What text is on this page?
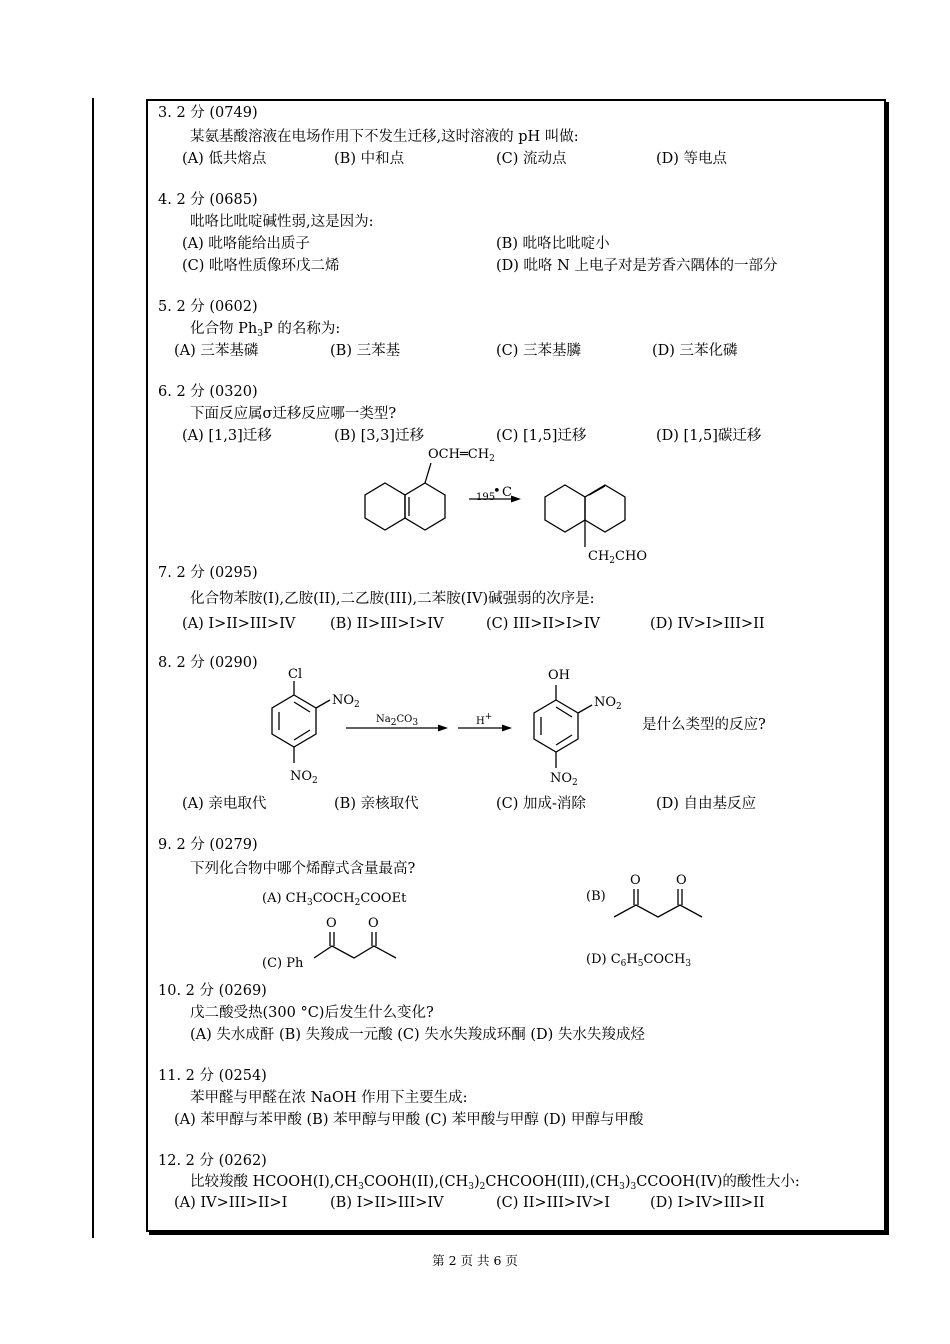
3. 2 分 (0749)
某氨基酸溶液在电场作用下不发生迁移,这时溶液的 pH 叫做:
(A) 低共熔点	(B) 中和点	(C) 流动点	(D) 等电点
4. 2 分 (0685)
吡咯比吡啶碱性弱,这是因为:
(A) 吡咯能给出质子	(B) 吡咯比吡啶小
(C) 吡咯性质像环戊二烯	(D) 吡咯 N 上电子对是芳香六隅体的一部分
5. 2 分 (0602)
化合物 $Ph_3P$ 的名称为:
(A) 三苯基磷	(B) 三苯基	(C) 三苯基膦	(D) 三苯化磷
6. 2 分 (0320)
下面反应属σ迁移反应哪一类型?
(A) [1,3]迁移	(B) [3,3]迁移	(C) [1,5]迁移	(D) [1,5]碳迁移
$OCH═CH_2$
195
• C
$CH_2CHO$
7. 2 分 (0295)
化合物苯胺(I),乙胺(II),二乙胺(III),二苯胺(IV)碱强弱的次序是:
(A) I>II>III>IV (B) II>III>I>IV	(C) III>II>I>IV	(D) IV>I>III>II
8. 2 分 (0290)
Cl
$NO_2$
$NO_2$
$Na_2CO_3$	H+
OH
$NO_2$
$NO_2$
是什么类型的反应?
(A) 亲电取代	(B) 亲核取代	(C) 加成-消除	(D) 自由基反应
9. 2 分 (0279)
下列化合物中哪个烯醇式含量最高?
(A) $CH_3COCH_2COOEt$	(B)
O	O
(C) Ph
O O
(D) $C_6H_5COCH_3$
10. 2 分 (0269)
戊二酸受热(300 °C)后发生什么变化?
(A) 失水成酐 (B) 失羧成一元酸 (C) 失水失羧成环酮 (D) 失水失羧成烃
11. 2 分 (0254)
苯甲醛与甲醛在浓 NaOH 作用下主要生成:
(A) 苯甲醇与苯甲酸 (B) 苯甲醇与甲酸 (C) 苯甲酸与甲醇 (D) 甲醇与甲酸
12. 2 分 (0262)
比较羧酸 $HCOOH(I),CH_3COOH(II),(CH_3)_2CHCOOH(III),(CH_3)_3CCOOH(IV)$的酸性大小:
(A) IV>III>II>I	(B) I>II>III>IV	(C) II>III>IV>I	(D) I>IV>III>II
第 2 页 共 6 页
